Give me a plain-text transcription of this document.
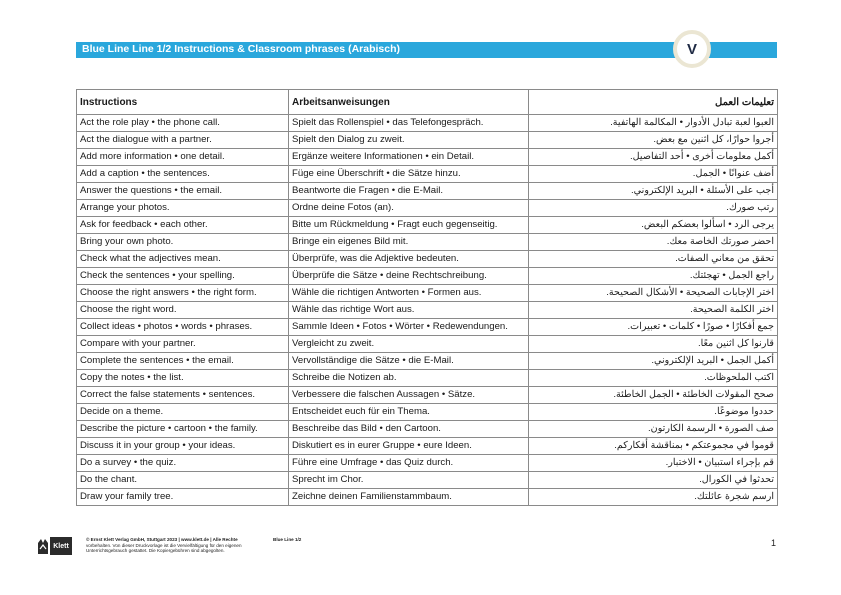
Blue Line Line 1/2 Instructions & Classroom phrases (Arabisch)	V
Instructions	Arbeitsanweisungen	تعليمات العمل
Act the role play • the phone call.	Spielt das Rollenspiel • das Telefongespräch.	العبوا لعبة تبادل الأدوار • المكالمة الهاتفية.
Act the dialogue with a partner.	Spielt den Dialog zu zweit.	أجروا حوارًا، كل اثنين مع بعض.
Add more information • one detail.	Ergänze weitere Informationen • ein Detail.	أكمل معلومات أخرى • أحد التفاصيل.
Add a caption • the sentences.	Füge eine Überschrift • die Sätze hinzu.	أضف عنوانًا • الجمل.
Answer the questions • the email.	Beantworte die Fragen • die E-Mail.	أجب على الأسئلة • البريد الإلكتروني.
Arrange your photos.	Ordne deine Fotos (an).	رتب صورك.
Ask for feedback • each other.	Bitte um Rückmeldung • Fragt euch gegenseitig.	يرجى الرد • اسألوا بعضكم البعض.
Bring your own photo.	Bringe ein eigenes Bild mit.	احضر صورتك الخاصة معك.
Check what the adjectives mean.	Überprüfe, was die Adjektive bedeuten.	تحقق من معاني الصفات.
Check the sentences • your spelling.	Überprüfe die Sätze • deine Rechtschreibung.	راجع الجمل • تهجئتك.
Choose the right answers • the right form.	Wähle die richtigen Antworten • Formen aus.	اختر الإجابات الصحيحة • الأشكال الصحيحة.
Choose the right word.	Wähle das richtige Wort aus.	اختر الكلمة الصحيحة.
Collect ideas • photos • words • phrases.	Sammle Ideen • Fotos • Wörter • Redewendungen.	جمع أفكارًا • صورًا • كلمات • تعبيرات.
Compare with your partner.	Vergleicht zu zweit.	قارنوا كل اثنين معًا.
Complete the sentences • the email.	Vervollständige die Sätze • die E-Mail.	أكمل الجمل • البريد الإلكتروني.
Copy the notes • the list.	Schreibe die Notizen ab.	اكتب الملحوظات.
Correct the false statements • sentences.	Verbessere die falschen Aussagen • Sätze.	صحح المقولات الخاطئة • الجمل الخاطئة.
Decide on a theme.	Entscheidet euch für ein Thema.	حددوا موضوعًا.
Describe the picture • cartoon • the family.	Beschreibe das Bild • den Cartoon.	صف الصورة • الرسمة الكارتون.
Discuss it in your group • your ideas.	Diskutiert es in eurer Gruppe • eure Ideen.	قوموا في مجموعتكم • بمناقشة أفكاركم.
Do a survey • the quiz.	Führe eine Umfrage • das Quiz durch.	قم بإجراء استبيان • الاختبار.
Do the chant.	Sprecht im Chor.	تحدثوا في الكورال.
Draw your family tree.	Zeichne deinen Familienstammbaum.	ارسم شجرة عائلتك.
Klett
© Ernst Klett Verlag GmbH, Stuttgart 2023 | www.klett.de | Alle Rechte
vorbehalten. Von dieser Druckvorlage ist die Vervielfältigung für den eigenen
Unterrichtsgebrauch gestattet. Die Kopiergebühren sind abgegolten.
Blue Line 1/2	1
